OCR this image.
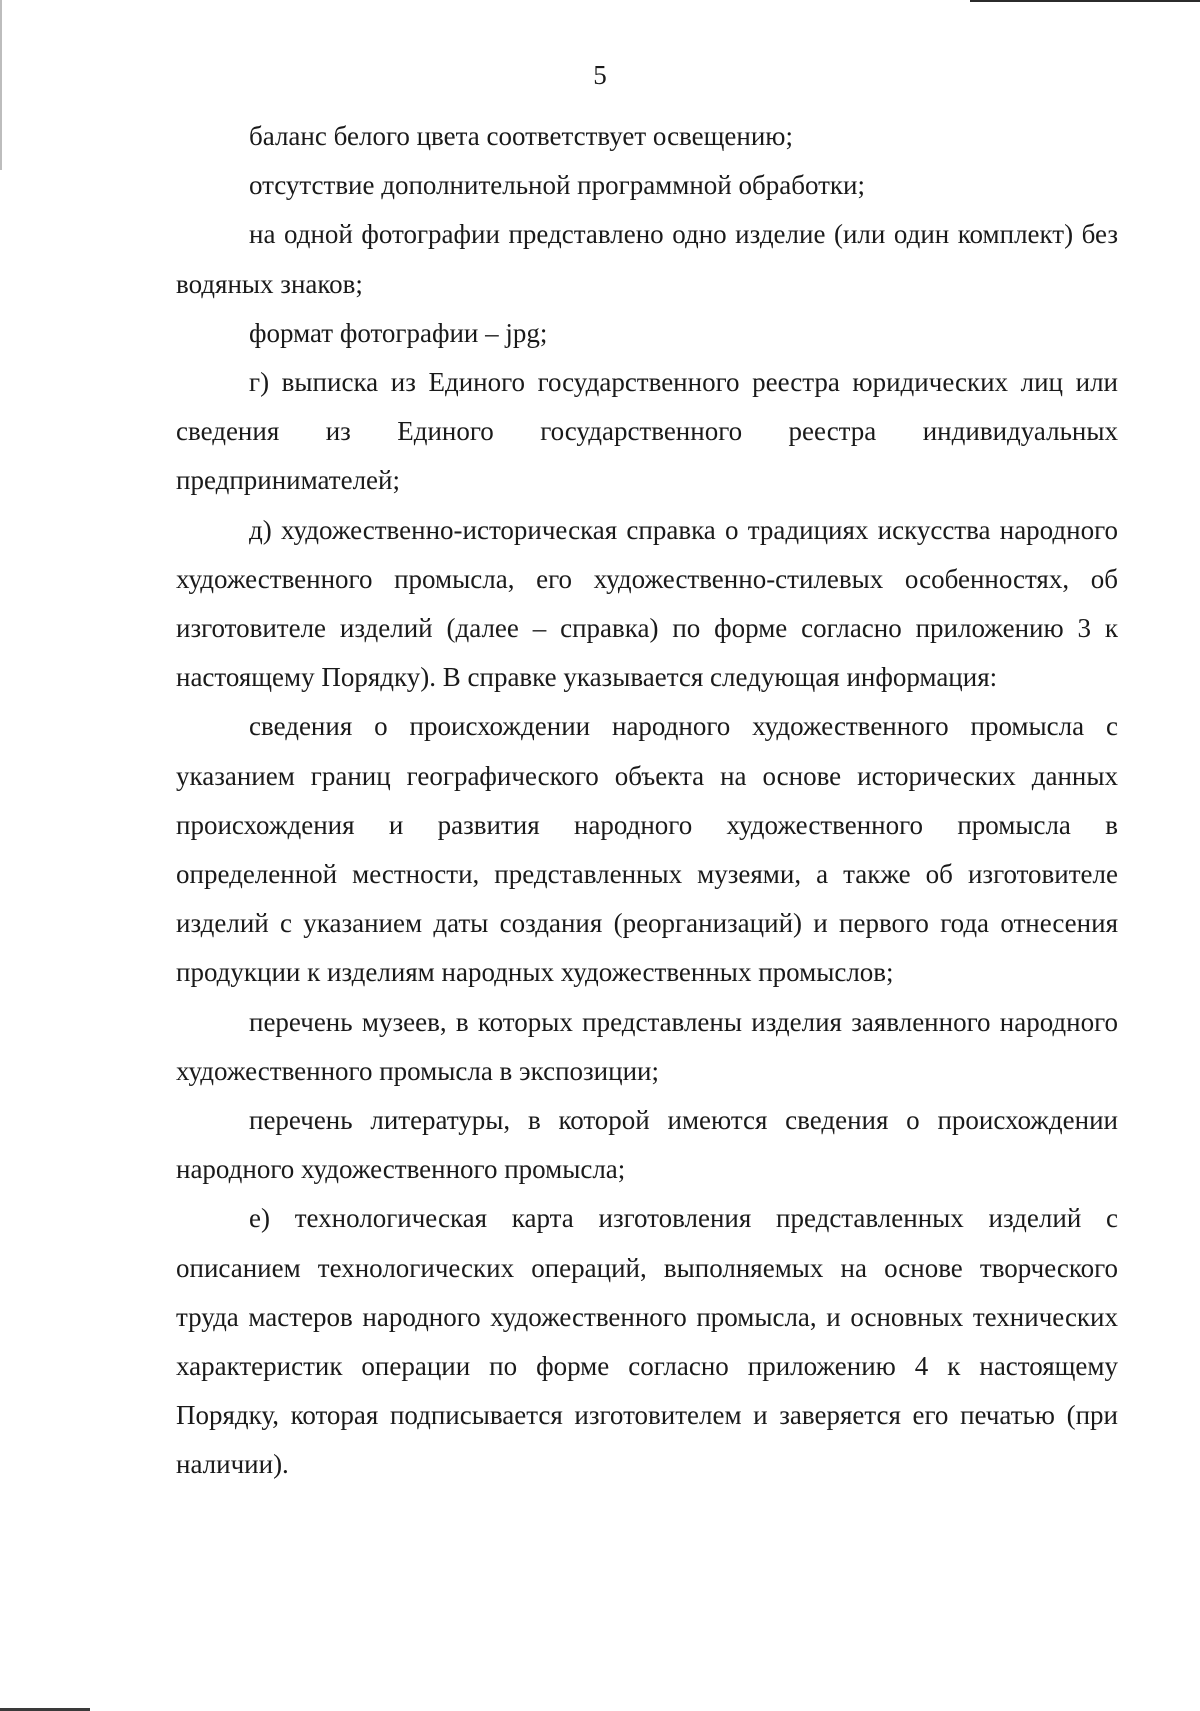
5

баланс белого цвета соответствует освещению;

отсутствие дополнительной программной обработки;

на одной фотографии представлено одно изделие (или один комплект) без водяных знаков;

формат фотографии – jpg;

г) выписка из Единого государственного реестра юридических лиц или сведения из Единого государственного реестра индивидуальных предпринимателей;

д) художественно-историческая справка о традициях искусства народного художественного промысла, его художественно-стилевых особенностях, об изготовителе изделий (далее – справка) по форме согласно приложению 3 к настоящему Порядку). В справке указывается следующая информация:

сведения о происхождении народного художественного промысла с указанием границ географического объекта на основе исторических данных происхождения и развития народного художественного промысла в определенной местности, представленных музеями, а также об изготовителе изделий с указанием даты создания (реорганизаций) и первого года отнесения продукции к изделиям народных художественных промыслов;

перечень музеев, в которых представлены изделия заявленного народного художественного промысла в экспозиции;

перечень литературы, в которой имеются сведения о происхождении народного художественного промысла;

е) технологическая карта изготовления представленных изделий с описанием технологических операций, выполняемых на основе творческого труда мастеров народного художественного промысла, и основных технических характеристик операции по форме согласно приложению 4 к настоящему Порядку, которая подписывается изготовителем и заверяется его печатью (при наличии).
